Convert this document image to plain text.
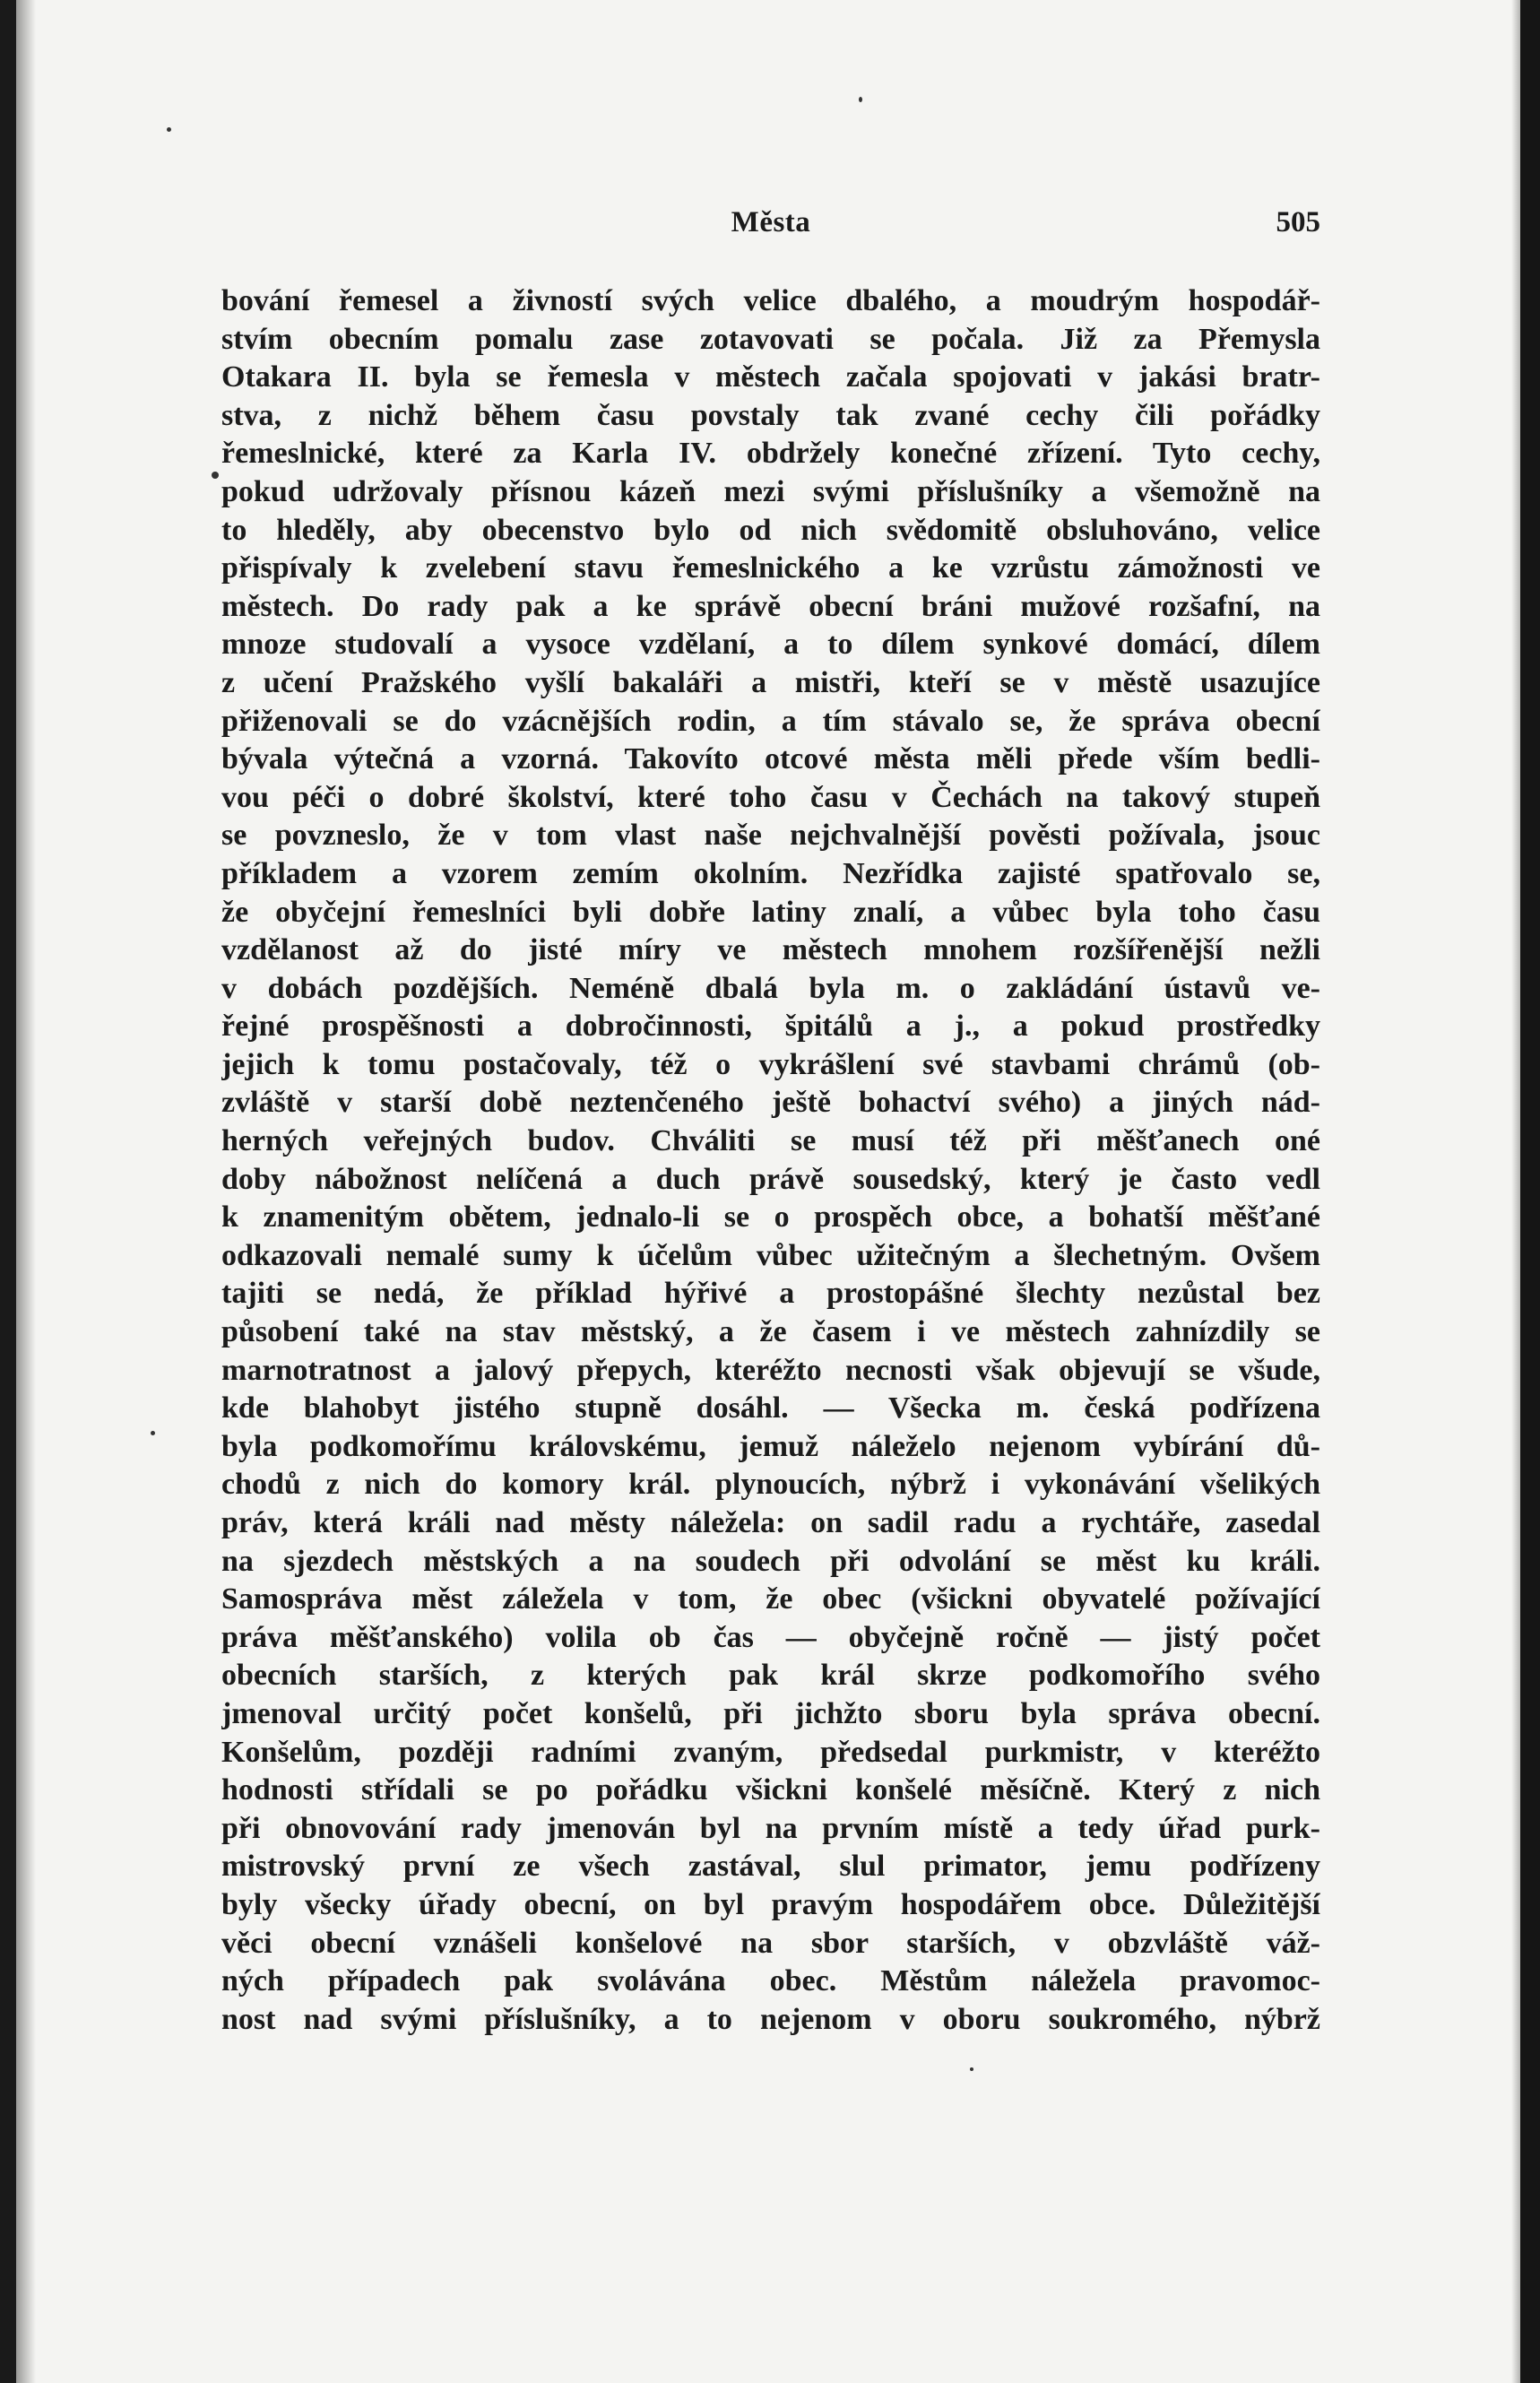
Města	505
bování řemesel a živností svých velice dbalého, a moudrým hospodář-
stvím obecním pomalu zase zotavovati se počala. Již za Přemysla
Otakara II. byla se řemesla v městech začala spojovati v jakási bratr-
stva, z nichž během času povstaly tak zvané cechy čili pořádky
řemeslnické, které za Karla IV. obdržely konečné zřízení. Tyto cechy,
pokud udržovaly přísnou kázeň mezi svými příslušníky a všemožně na
to hleděly, aby obecenstvo bylo od nich svědomitě obsluhováno, velice
přispívaly k zvelebení stavu řemeslnického a ke vzrůstu zámožnosti ve
městech. Do rady pak a ke správě obecní bráni mužové rozšafní, na
mnoze studovalí a vysoce vzdělaní, a to dílem synkové domácí, dílem
z učení Pražského vyšlí bakaláři a mistři, kteří se v městě usazujíce
přiženovali se do vzácnějších rodin, a tím stávalo se, že správa obecní
bývala výtečná a vzorná. Takovíto otcové města měli přede vším bedli-
vou péči o dobré školství, které toho času v Čechách na takový stupeň
se povzneslo, že v tom vlast naše nejchvalnější pověsti požívala, jsouc
příkladem a vzorem zemím okolním. Nezřídka zajisté spatřovalo se,
že obyčejní řemeslníci byli dobře latiny znalí, a vůbec byla toho času
vzdělanost až do jisté míry ve městech mnohem rozšířenější nežli
v dobách pozdějších. Neméně dbalá byla m. o zakládání ústavů ve-
řejné prospěšnosti a dobročinnosti, špitálů a j., a pokud prostředky
jejich k tomu postačovaly, též o vykrášlení své stavbami chrámů (ob-
zvláště v starší době neztenčeného ještě bohactví svého) a jiných nád-
herných veřejných budov. Chváliti se musí též při měšťanech oné
doby nábožnost nelíčená a duch právě sousedský, který je často vedl
k znamenitým obětem, jednalo-li se o prospěch obce, a bohatší měšťané
odkazovali nemalé sumy k účelům vůbec užitečným a šlechetným. Ovšem
tajiti se nedá, že příklad hýřivé a prostopášné šlechty nezůstal bez
působení také na stav městský, a že časem i ve městech zahnízdily se
marnotratnost a jalový přepych, kteréžto necnosti však objevují se všude,
kde blahobyt jistého stupně dosáhl. — Všecka m. česká podřízena
byla podkomořímu královskému, jemuž náleželo nejenom vybírání dů-
chodů z nich do komory král. plynoucích, nýbrž i vykonávání všelikých
práv, která králi nad městy náležela: on sadil radu a rychtáře, zasedal
na sjezdech městských a na soudech při odvolání se měst ku králi.
Samospráva měst záležela v tom, že obec (všickni obyvatelé požívající
práva měšťanského) volila ob čas — obyčejně ročně — jistý počet
obecních starších, z kterých pak král skrze podkomořího svého
jmenoval určitý počet konšelů, při jichžto sboru byla správa obecní.
Konšelům, později radními zvaným, předsedal purkmistr, v kteréžto
hodnosti střídali se po pořádku všickni konšelé měsíčně. Který z nich
při obnovování rady jmenován byl na prvním místě a tedy úřad purk-
mistrovský první ze všech zastával, slul primator, jemu podřízeny
byly všecky úřady obecní, on byl pravým hospodářem obce. Důležitější
věci obecní vznášeli konšelové na sbor starších, v obzvláště váž-
ných případech pak svolávána obec. Městům náležela pravomoc-
nost nad svými příslušníky, a to nejenom v oboru soukromého, nýbrž
